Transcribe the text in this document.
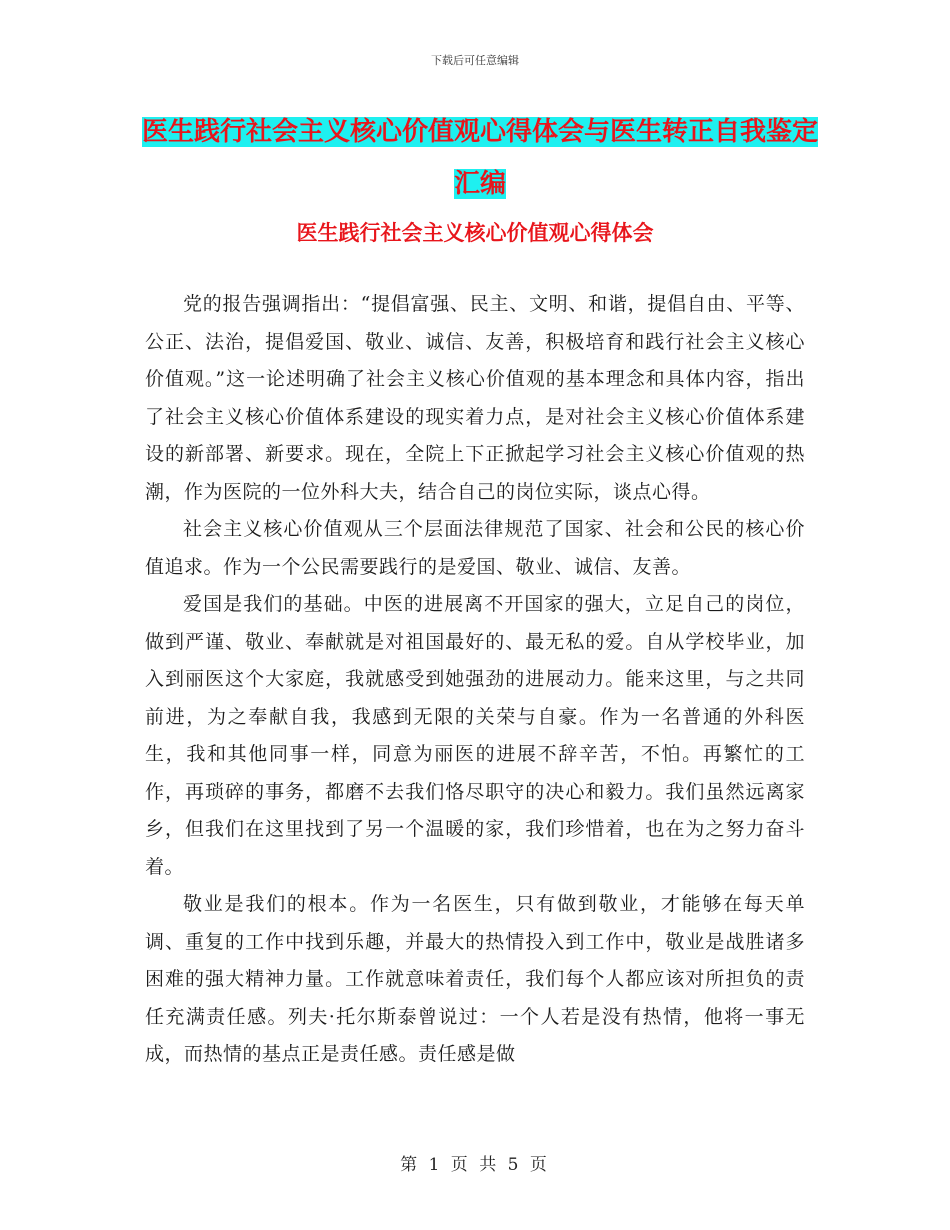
下载后可任意编辑
医生践行社会主义核心价值观心得体会与医生转正自我鉴定汇编
医生践行社会主义核心价值观心得体会

党的报告强调指出：“提倡富强、民主、文明、和谐，提倡自由、平等、公正、法治，提倡爱国、敬业、诚信、友善，积极培育和践行社会主义核心价值观。”这一论述明确了社会主义核心价值观的基本理念和具体内容，指出了社会主义核心价值体系建设的现实着力点，是对社会主义核心价值体系建设的新部署、新要求。现在，全院上下正掀起学习社会主义核心价值观的热潮，作为医院的一位外科大夫，结合自己的岗位实际，谈点心得。

社会主义核心价值观从三个层面法律规范了国家、社会和公民的核心价值追求。作为一个公民需要践行的是爱国、敬业、诚信、友善。

爱国是我们的基础。中医的进展离不开国家的强大，立足自己的岗位，做到严谨、敬业、奉献就是对祖国最好的、最无私的爱。自从学校毕业，加入到丽医这个大家庭，我就感受到她强劲的进展动力。能来这里，与之共同前进，为之奉献自我，我感到无限的关荣与自豪。作为一名普通的外科医生，我和其他同事一样，同意为丽医的进展不辞辛苦，不怕。再繁忙的工作，再琐碎的事务，都磨不去我们恪尽职守的决心和毅力。我们虽然远离家乡，但我们在这里找到了另一个温暖的家，我们珍惜着，也在为之努力奋斗着。

敬业是我们的根本。作为一名医生，只有做到敬业，才能够在每天单调、重复的工作中找到乐趣，并最大的热情投入到工作中，敬业是战胜诸多困难的强大精神力量。工作就意味着责任，我们每个人都应该对所担负的责任充满责任感。列夫·托尔斯泰曾说过：一个人若是没有热情，他将一事无成，而热情的基点正是责任感。责任感是做

第 1 页 共 5 页
